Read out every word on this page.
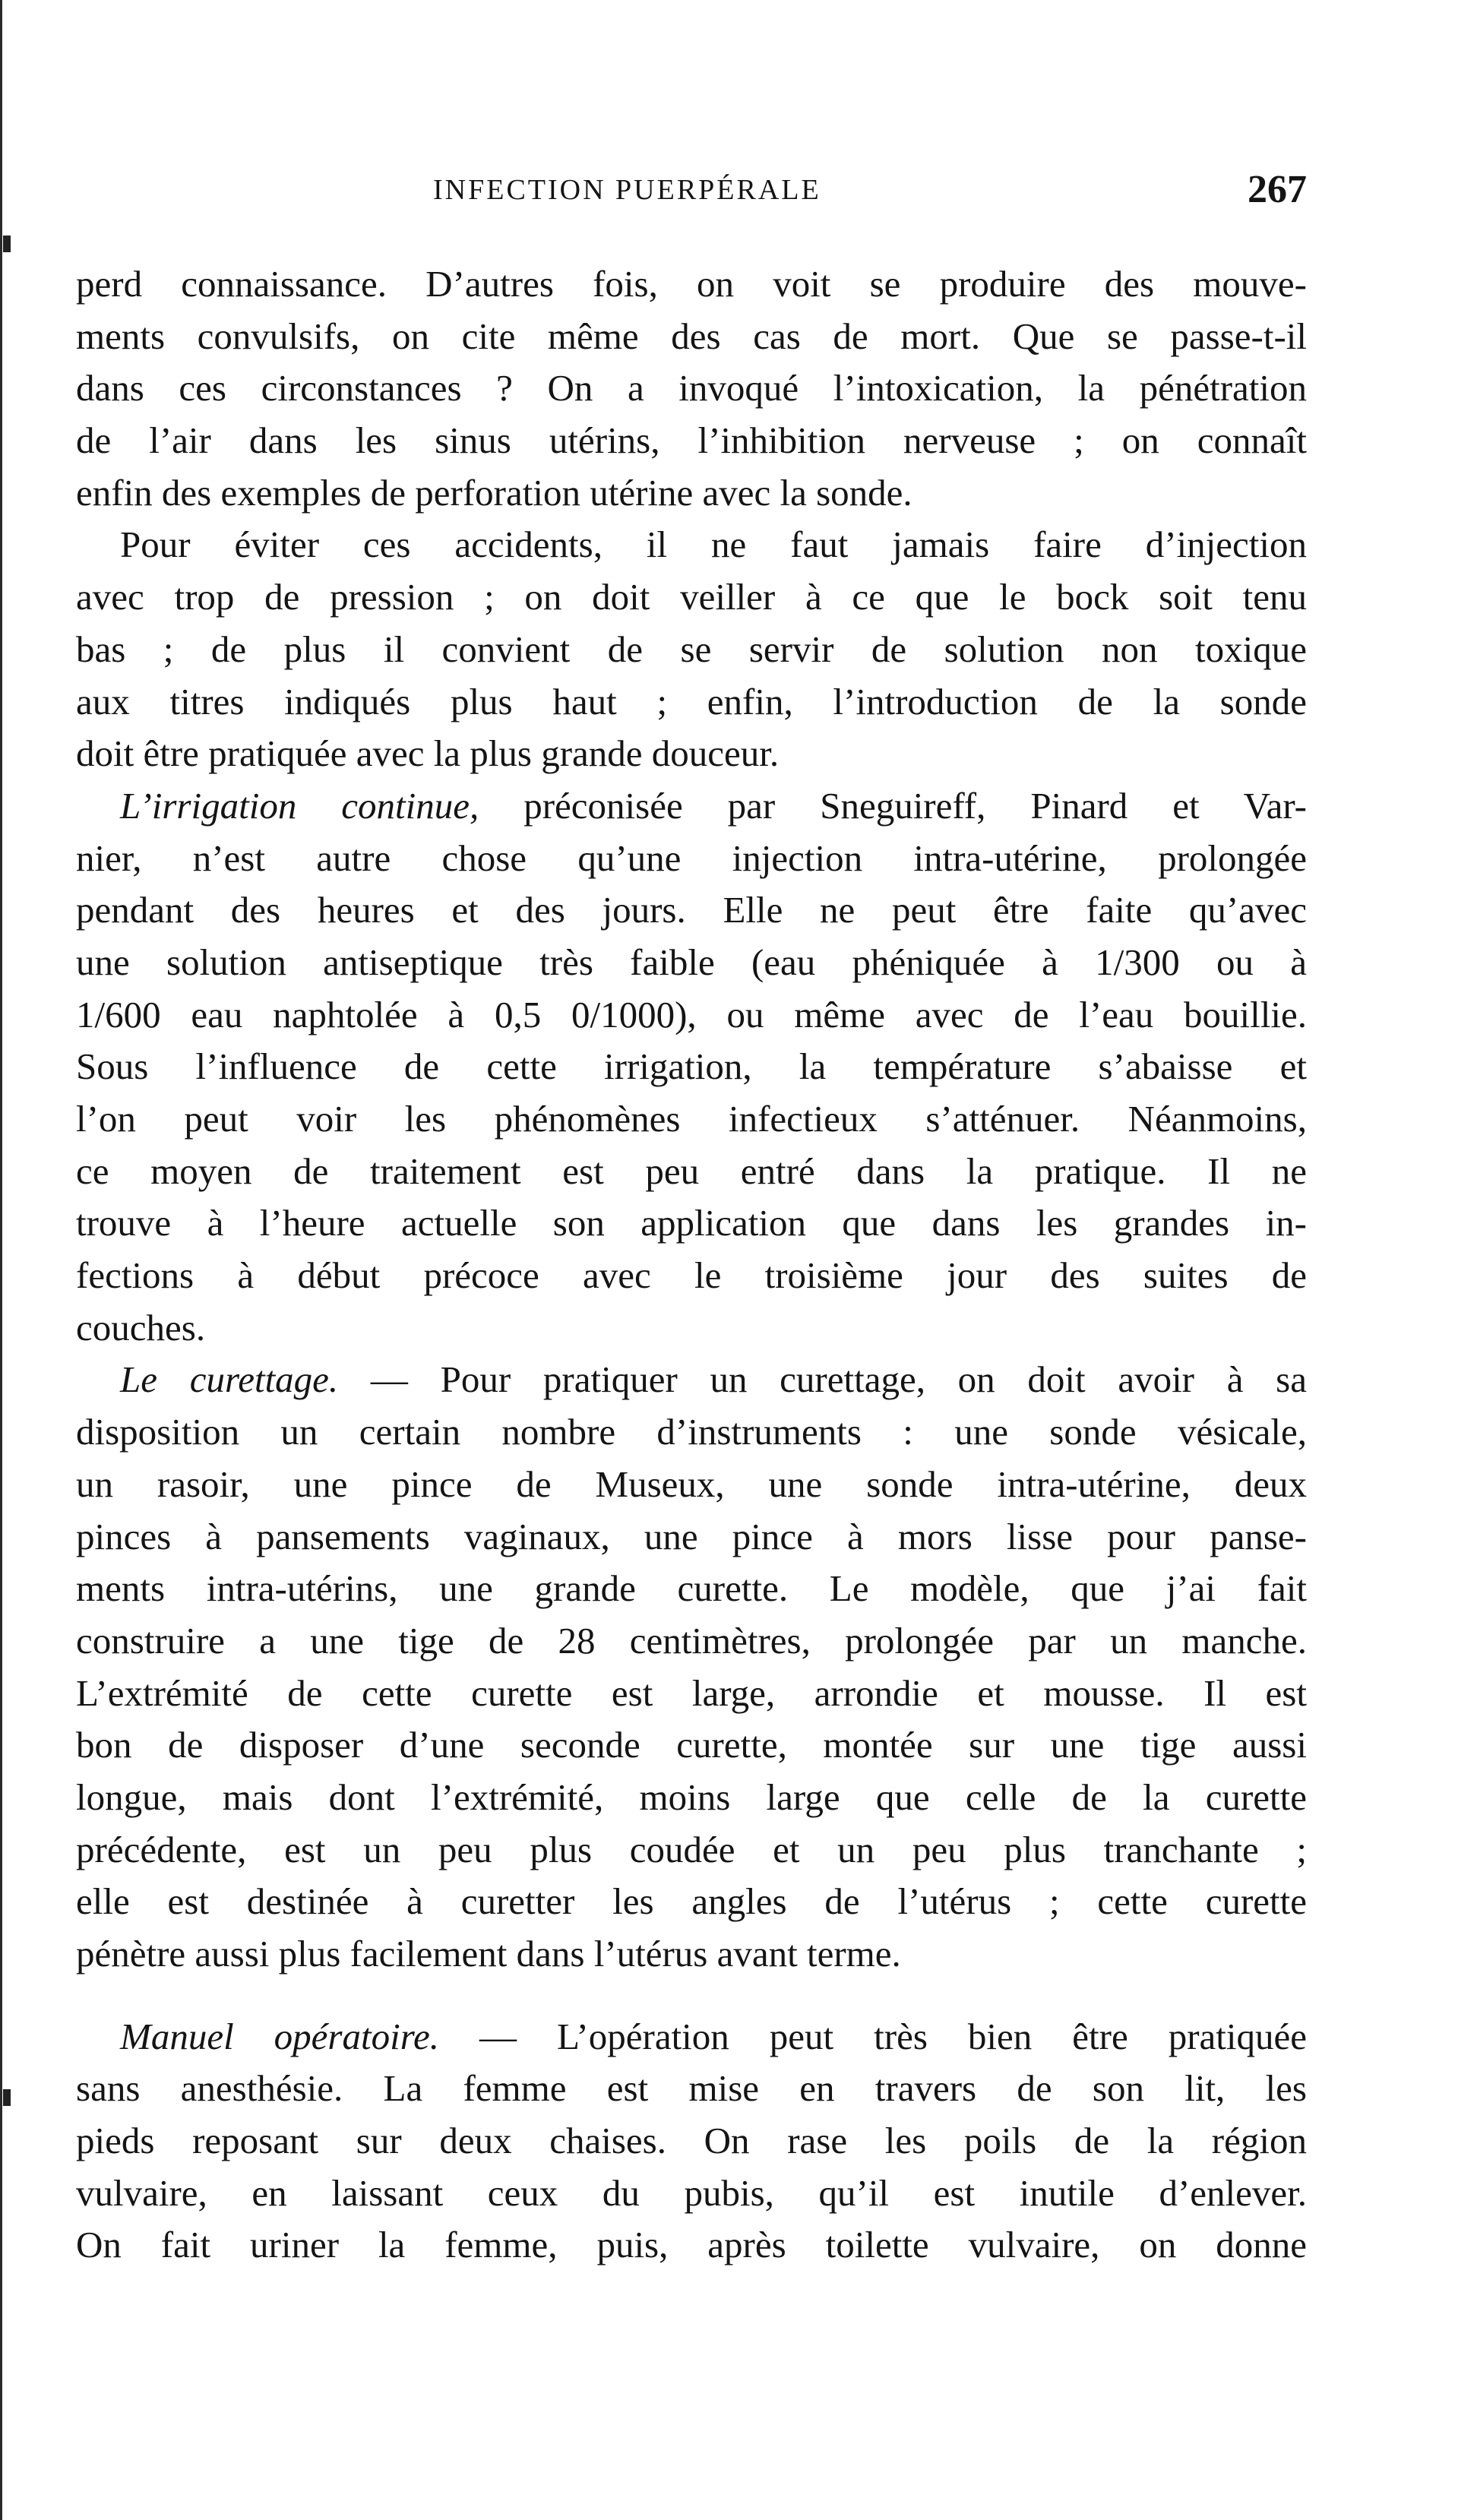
INFECTION PUERPÉRALE	267
perd connaissance. D’autres fois, on voit se produire des mouve-
ments convulsifs, on cite même des cas de mort. Que se passe-t-il
dans ces circonstances ? On a invoqué l’intoxication, la pénétration
de l’air dans les sinus utérins, l’inhibition nerveuse ; on connaît
enfin des exemples de perforation utérine avec la sonde.
Pour éviter ces accidents, il ne faut jamais faire d’injection
avec trop de pression ; on doit veiller à ce que le bock soit tenu
bas ; de plus il convient de se servir de solution non toxique
aux titres indiqués plus haut ; enfin, l’introduction de la sonde
doit être pratiquée avec la plus grande douceur.
L’irrigation continue, préconisée par Sneguireff, Pinard et Var-
nier, n’est autre chose qu’une injection intra-utérine, prolongée
pendant des heures et des jours. Elle ne peut être faite qu’avec
une solution antiseptique très faible (eau phéniquée à 1/300 ou à
1/600 eau naphtolée à 0,5 0/1000), ou même avec de l’eau bouillie.
Sous l’influence de cette irrigation, la température s’abaisse et
l’on peut voir les phénomènes infectieux s’atténuer. Néanmoins,
ce moyen de traitement est peu entré dans la pratique. Il ne
trouve à l’heure actuelle son application que dans les grandes in-
fections à début précoce avec le troisième jour des suites de
couches.
Le curettage. — Pour pratiquer un curettage, on doit avoir à sa
disposition un certain nombre d’instruments : une sonde vésicale,
un rasoir, une pince de Museux, une sonde intra-utérine, deux
pinces à pansements vaginaux, une pince à mors lisse pour panse-
ments intra-utérins, une grande curette. Le modèle, que j’ai fait
construire a une tige de 28 centimètres, prolongée par un manche.
L’extrémité de cette curette est large, arrondie et mousse. Il est
bon de disposer d’une seconde curette, montée sur une tige aussi
longue, mais dont l’extrémité, moins large que celle de la curette
précédente, est un peu plus coudée et un peu plus tranchante ;
elle est destinée à curetter les angles de l’utérus ; cette curette
pénètre aussi plus facilement dans l’utérus avant terme.
Manuel opératoire. — L’opération peut très bien être pratiquée
sans anesthésie. La femme est mise en travers de son lit, les
pieds reposant sur deux chaises. On rase les poils de la région
vulvaire, en laissant ceux du pubis, qu’il est inutile d’enlever.
On fait uriner la femme, puis, après toilette vulvaire, on donne
